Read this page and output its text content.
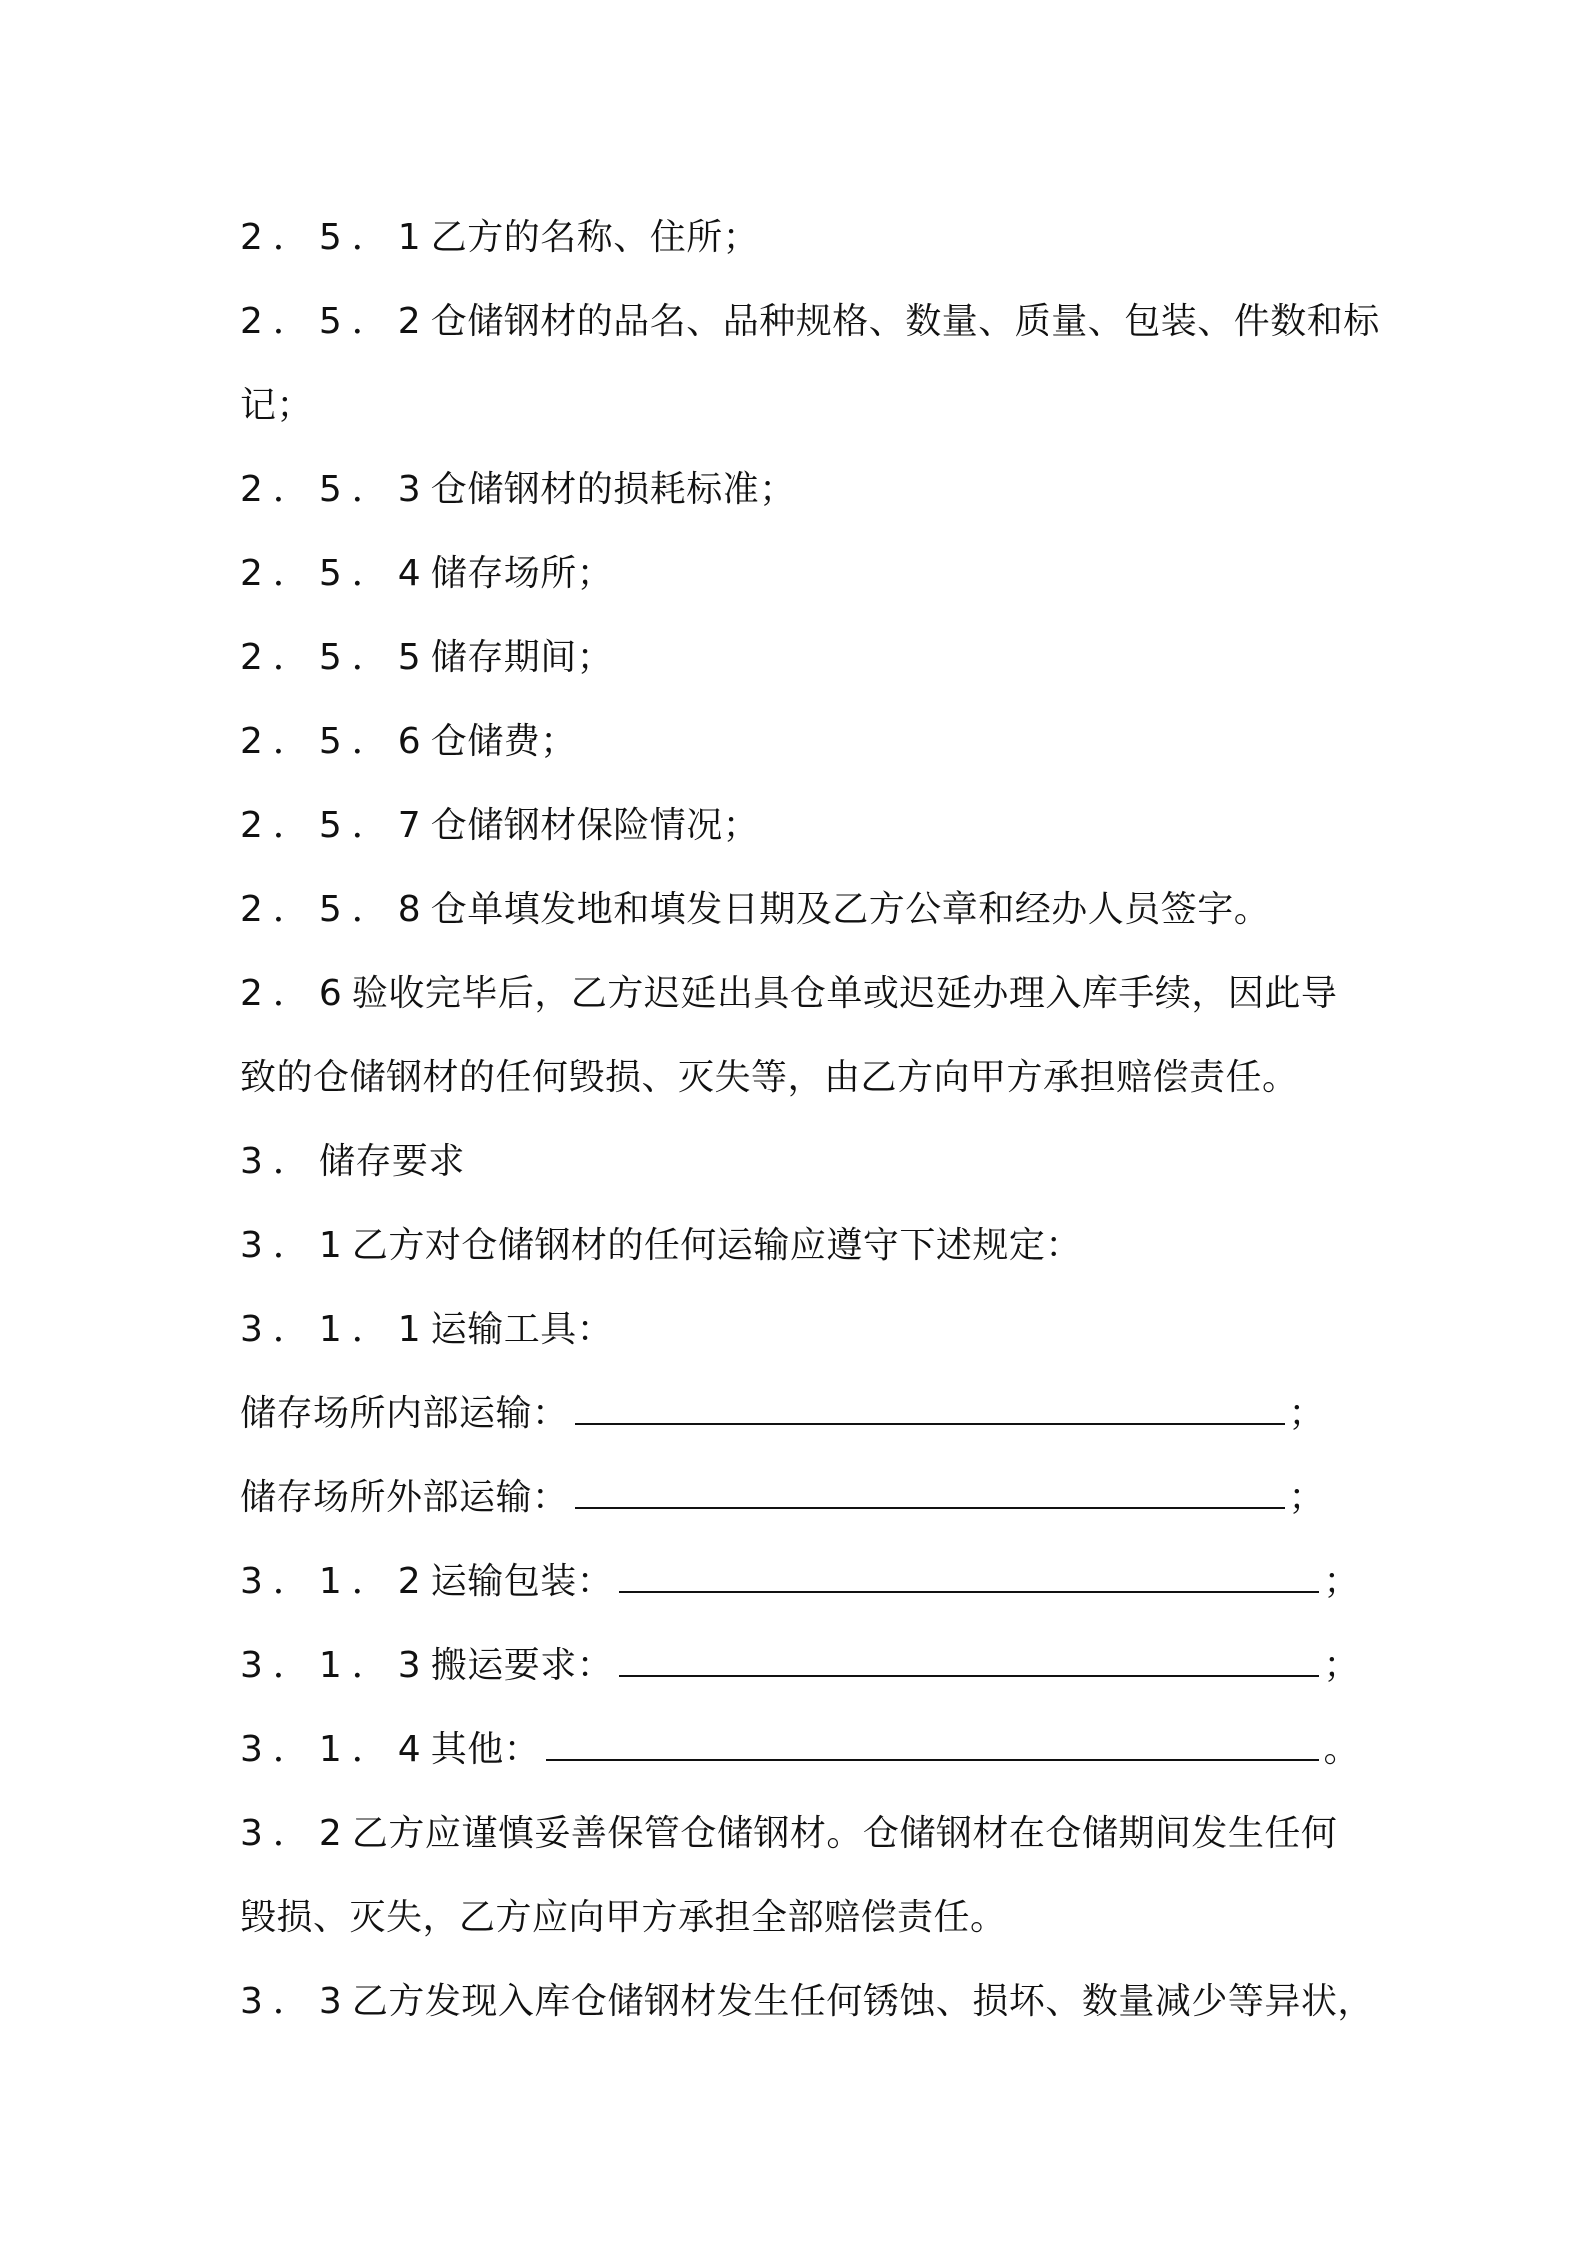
2．5．1乙方的名称、住所；
2．5．2仓储钢材的品名、品种规格、数量、质量、包装、件数和标
记；
2．5．3仓储钢材的损耗标准；
2．5．4储存场所；
2．5．5储存期间；
2．5．6仓储费；
2．5．7仓储钢材保险情况；
2．5．8仓单填发地和填发日期及乙方公章和经办人员签字。
2．6验收完毕后，乙方迟延出具仓单或迟延办理入库手续，因此导
致的仓储钢材的任何毁损、灭失等，由乙方向甲方承担赔偿责任。
3．储存要求
3．1乙方对仓储钢材的任何运输应遵守下述规定：
3．1．1运输工具：
储存场所内部运输：	；
储存场所外部运输：	；
3．1．2 运输包装：	；
3．1．3 搬运要求：	；
3．1．4 其他：	。
3．2乙方应谨慎妥善保管仓储钢材。仓储钢材在仓储期间发生任何
毁损、灭失，乙方应向甲方承担全部赔偿责任。
3．3乙方发现入库仓储钢材发生任何锈蚀、损坏、数量减少等异状，
